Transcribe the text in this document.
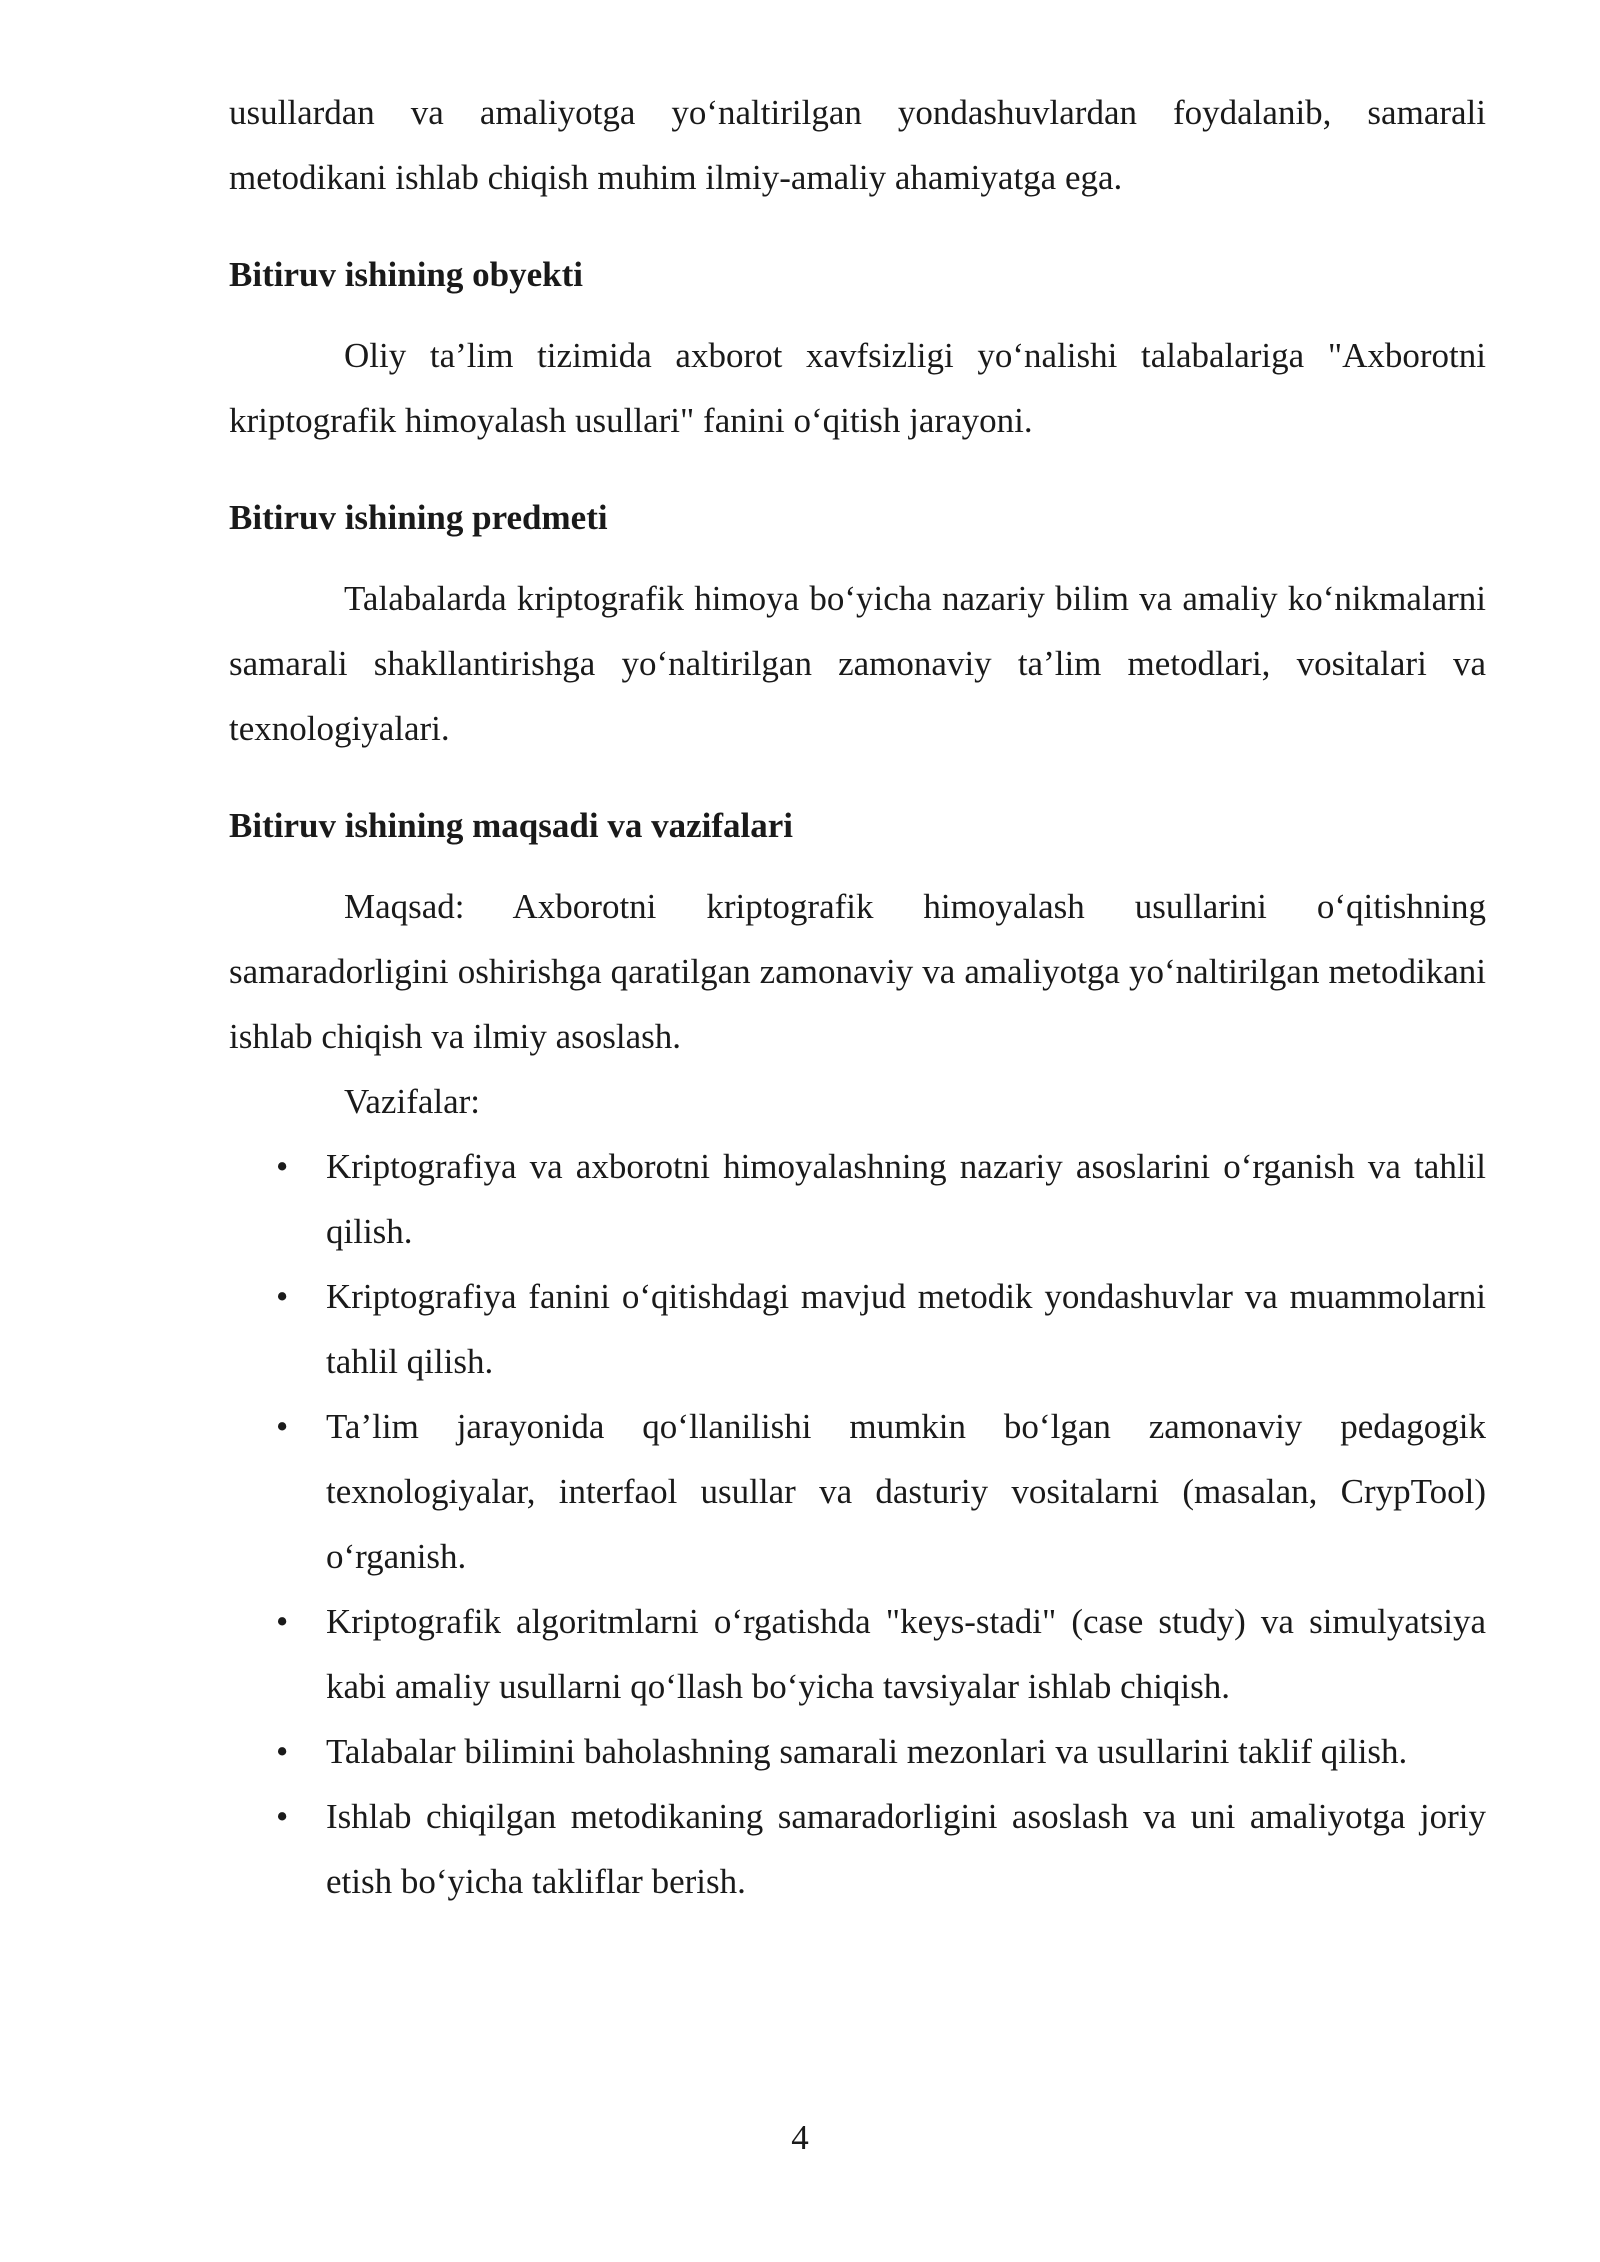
usullardan va amaliyotga yo‘naltirilgan yondashuvlardan foydalanib, samarali metodikani ishlab chiqish muhim ilmiy-amaliy ahamiyatga ega.

Bitiruv ishining obyekti

Oliy ta’lim tizimida axborot xavfsizligi yo‘nalishi talabalariga "Axborotni kriptografik himoyalash usullari" fanini o‘qitish jarayoni.

Bitiruv ishining predmeti

Talabalarda kriptografik himoya bo‘yicha nazariy bilim va amaliy ko‘nikmalarni samarali shakllantirishga yo‘naltirilgan zamonaviy ta’lim metodlari, vositalari va texnologiyalari.

Bitiruv ishining maqsadi va vazifalari

Maqsad: Axborotni kriptografik himoyalash usullarini o‘qitishning samaradorligini oshirishga qaratilgan zamonaviy va amaliyotga yo‘naltirilgan metodikani ishlab chiqish va ilmiy asoslash.

Vazifalar:

• Kriptografiya va axborotni himoyalashning nazariy asoslarini o‘rganish va tahlil qilish.
• Kriptografiya fanini o‘qitishdagi mavjud metodik yondashuvlar va muammolarni tahlil qilish.
• Ta’lim jarayonida qo‘llanilishi mumkin bo‘lgan zamonaviy pedagogik texnologiyalar, interfaol usullar va dasturiy vositalarni (masalan, CrypTool) o‘rganish.
• Kriptografik algoritmlarni o‘rgatishda "keys-stadi" (case study) va simulyatsiya kabi amaliy usullarni qo‘llash bo‘yicha tavsiyalar ishlab chiqish.
• Talabalar bilimini baholashning samarali mezonlari va usullarini taklif qilish.
• Ishlab chiqilgan metodikaning samaradorligini asoslash va uni amaliyotga joriy etish bo‘yicha takliflar berish.
4
